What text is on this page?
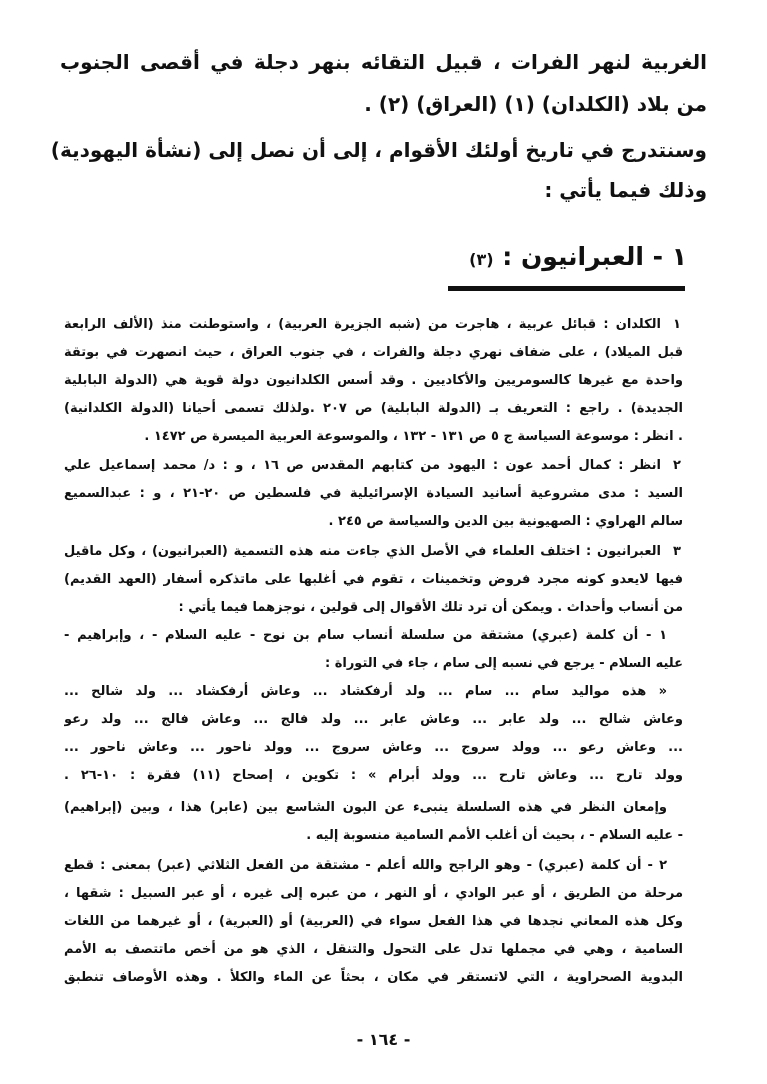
الغربية لنهر الفرات ، قبيل التقائه بنهر دجلة في أقصى الجنوب
من بلاد (الكلدان) (١) (العراق) (٢) .
وسنتدرج في تاريخ أولئك الأقوام ، إلى أن نصل إلى (نشأة اليهودية)
وذلك فيما يأتي :
١ - العبرانيون : (٣)
١
الكلدان : قبائل عربية ، هاجرت من (شبه الجزيرة العربية) ، واستوطنت منذ (الألف الرابعة
قبل الميلاد) ، على ضفاف نهري دجلة والفرات ، في جنوب العراق ، حيث انصهرت في بوتقة
واحدة مع غيرها كالسومريين والأكاديين . وقد أسس الكلدانيون دولة قوية هي (الدولة البابلية
الجديدة) . راجع : التعريف بـ (الدولة البابلية) ص ٢٠٧ .ولذلك تسمى أحيانا (الدولة الكلدانية)
. انظر : موسوعة السياسة ج ٥ ص ١٣١ - ١٣٢ ، والموسوعة العربية الميسرة ص ١٤٧٢ .
٢
انظر : كمال أحمد عون : اليهود من كتابهم المقدس ص ١٦ ، و : د/ محمد إسماعيل علي
السيد : مدى مشروعية أسانيد السيادة الإسرائيلية في فلسطين ص ٢٠-٢١ ، و : عبدالسميع
سالم الهراوي : الصهيونية بين الدين والسياسة ص ٢٤٥ .
٣
العبرانيون : اختلف العلماء في الأصل الذي جاءت منه هذه التسمية (العبرانيون) ، وكل ماقيل
فيها لايعدو كونه مجرد فروض وتخمينات ، تقوم في أغلبها على ماتذكره أسفار (العهد القديم)
من أنساب وأحداث . ويمكن أن ترد تلك الأقوال إلى قولين ، نوجزهما فيما يأتي :
١ - أن كلمة (عبري) مشتقة من سلسلة أنساب سام بن نوح - عليه السلام - ، وإبراهيم -
عليه السلام - يرجع في نسبه إلى سام ، جاء في التوراة :
« هذه مواليد سام ... سام ... ولد أرفكشاد ... وعاش أرفكشاد ... ولد شالح ...
وعاش شالح ... ولد عابر ... وعاش عابر ... ولد فالج ... وعاش فالج ... ولد رعو
... وعاش رعو ... وولد سروج ... وعاش سروج ... وولد ناحور ... وعاش ناحور ...
وولد تارح ... وعاش تارح ... وولد أبرام » : تكوين ، إصحاح (١١) فقرة : ١٠-٢٦ .
وإمعان النظر في هذه السلسلة ينبىء عن البون الشاسع بين (عابر) هذا ، وبين (إبراهيم)
- عليه السلام - ، بحيث أن أغلب الأمم السامية منسوبة إليه .
٢ - أن كلمة (عبري) - وهو الراجح والله أعلم - مشتقة من الفعل الثلاثي (عبر) بمعنى : قطع
مرحلة من الطريق ، أو عبر الوادي ، أو النهر ، من عبره إلى غيره ، أو عبر السبيل : شقها ،
وكل هذه المعاني نجدها في هذا الفعل سواء في (العربية) أو (العبرية) ، أو غيرهما من اللغات
السامية ، وهي في مجملها تدل على التحول والتنقل ، الذي هو من أخص ماتتصف به الأمم
البدوية الصحراوية ، التي لاتستقر في مكان ، بحثاً عن الماء والكلأ . وهذه الأوصاف تنطبق
- ١٦٤ -
